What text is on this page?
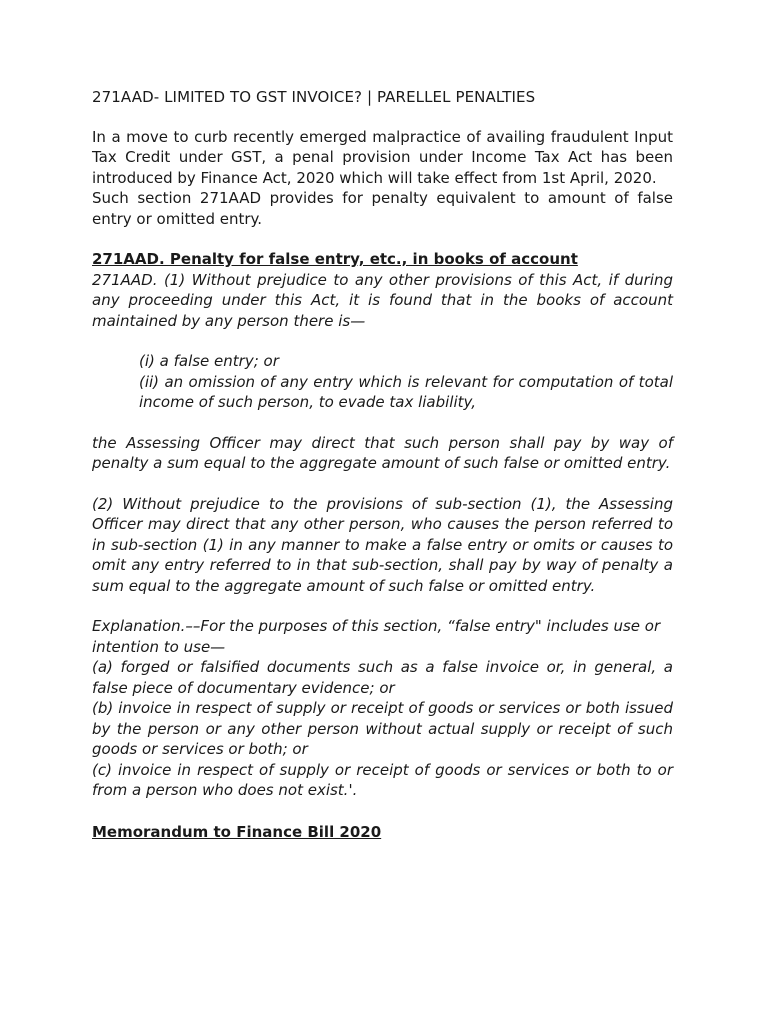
271AAD- LIMITED TO GST INVOICE? | PARELLEL PENALTIES

In a move to curb recently emerged malpractice of availing fraudulent Input Tax Credit under GST, a penal provision under Income Tax Act has been introduced by Finance Act, 2020 which will take effect from 1st April, 2020.

Such section 271AAD provides for penalty equivalent to amount of false entry or omitted entry.

271AAD. Penalty for false entry, etc., in books of account

271AAD. (1) Without prejudice to any other provisions of this Act, if during any proceeding under this Act, it is found that in the books of account maintained by any person there is—

(i) a false entry; or

(ii) an omission of any entry which is relevant for computation of total income of such person, to evade tax liability,

the Assessing Officer may direct that such person shall pay by way of penalty a sum equal to the aggregate amount of such false or omitted entry.

(2) Without prejudice to the provisions of sub-section (1), the Assessing Officer may direct that any other person, who causes the person referred to in sub-section (1) in any manner to make a false entry or omits or causes to omit any entry referred to in that sub-section, shall pay by way of penalty a sum equal to the aggregate amount of such false or omitted entry.

Explanation.––For the purposes of this section, “false entry" includes use or

intention to use—

(a) forged or falsified documents such as a false invoice or, in general, a false piece of documentary evidence; or

(b) invoice in respect of supply or receipt of goods or services or both issued by the person or any other person without actual supply or receipt of such goods or services or both; or

(c) invoice in respect of supply or receipt of goods or services or both to or from a person who does not exist.'.

Memorandum to Finance Bill 2020
